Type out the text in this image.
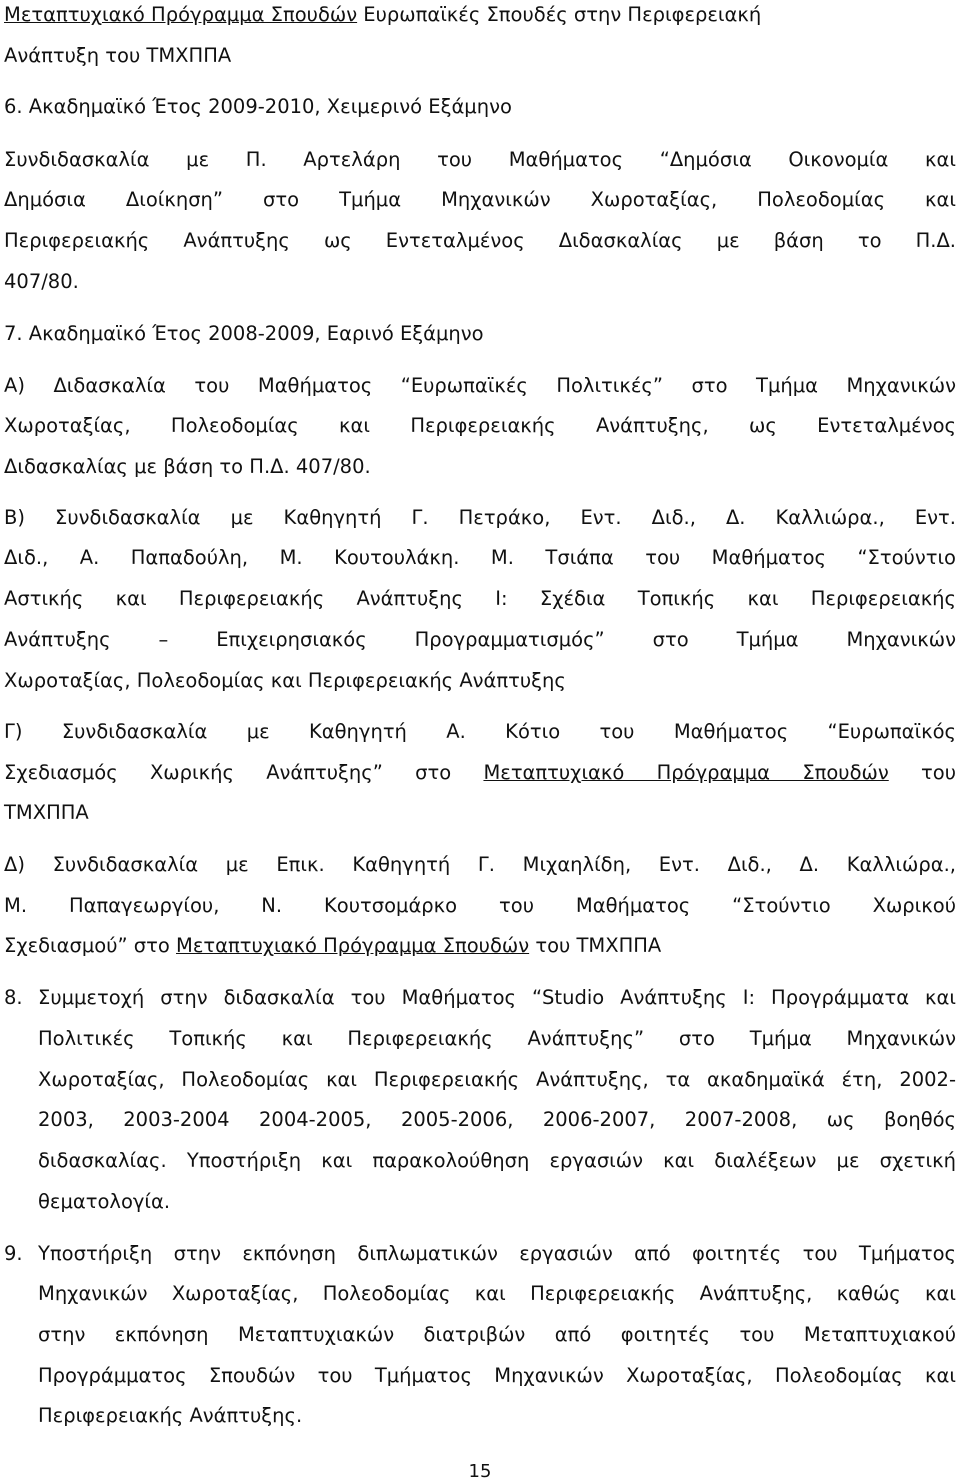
Μεταπτυχιακό Πρόγραμμα Σπουδών Ευρωπαϊκές Σπουδές στην Περιφερειακή
Ανάπτυξη του ΤΜΧΠΠΑ
6. Ακαδημαϊκό Έτος 2009-2010, Χειμερινό Εξάμηνο
Συνδιδασκαλία με Π. Αρτελάρη του Μαθήματος “Δημόσια Οικονομία και
Δημόσια Διοίκηση” στο Τμήμα Μηχανικών Χωροταξίας, Πολεοδομίας και
Περιφερειακής Ανάπτυξης ως Εντεταλμένος Διδασκαλίας με βάση το Π.Δ.
407/80.
7. Ακαδημαϊκό Έτος 2008-2009, Εαρινό Εξάμηνο
Α) Διδασκαλία του Μαθήματος “Ευρωπαϊκές Πολιτικές” στο Τμήμα Μηχανικών
Χωροταξίας, Πολεοδομίας και Περιφερειακής Ανάπτυξης, ως Εντεταλμένος
Διδασκαλίας με βάση το Π.Δ. 407/80.
Β) Συνδιδασκαλία με Καθηγητή Γ. Πετράκο, Εντ. Διδ., Δ. Καλλιώρα., Εντ.
Διδ., Α. Παπαδούλη, Μ. Κουτουλάκη. Μ. Τσιάπα του Μαθήματος “Στούντιο
Αστικής και Περιφερειακής Ανάπτυξης Ι: Σχέδια Τοπικής και Περιφερειακής
Ανάπτυξης – Επιχειρησιακός Προγραμματισμός” στο Τμήμα Μηχανικών
Χωροταξίας, Πολεοδομίας και Περιφερειακής Ανάπτυξης
Γ) Συνδιδασκαλία με Καθηγητή Α. Κότιο του Μαθήματος “Ευρωπαϊκός
Σχεδιασμός Χωρικής Ανάπτυξης” στο Μεταπτυχιακό Πρόγραμμα Σπουδών του
ΤΜΧΠΠΑ
Δ) Συνδιδασκαλία με Επικ. Καθηγητή Γ. Μιχαηλίδη, Εντ. Διδ., Δ. Καλλιώρα.,
Μ. Παπαγεωργίου, Ν. Κουτσομάρκο του Μαθήματος “Στούντιο Χωρικού
Σχεδιασμού” στο Μεταπτυχιακό Πρόγραμμα Σπουδών του ΤΜΧΠΠΑ
8. Συμμετοχή στην διδασκαλία του Μαθήματος “Studio Ανάπτυξης Ι: Προγράμματα και
Πολιτικές Τοπικής και Περιφερειακής Ανάπτυξης” στο Τμήμα Μηχανικών
Χωροταξίας, Πολεοδομίας και Περιφερειακής Ανάπτυξης, τα ακαδημαϊκά έτη, 2002-
2003, 2003-2004 2004-2005, 2005-2006, 2006-2007, 2007-2008, ως βοηθός
διδασκαλίας. Υποστήριξη και παρακολούθηση εργασιών και διαλέξεων με σχετική
θεματολογία.
9. Υποστήριξη στην εκπόνηση διπλωματικών εργασιών από φοιτητές του Τμήματος
Μηχανικών Χωροταξίας, Πολεοδομίας και Περιφερειακής Ανάπτυξης, καθώς και
στην εκπόνηση Μεταπτυχιακών διατριβών από φοιτητές του Μεταπτυχιακού
Προγράμματος Σπουδών του Τμήματος Μηχανικών Χωροταξίας, Πολεοδομίας και
Περιφερειακής Ανάπτυξης.
15
